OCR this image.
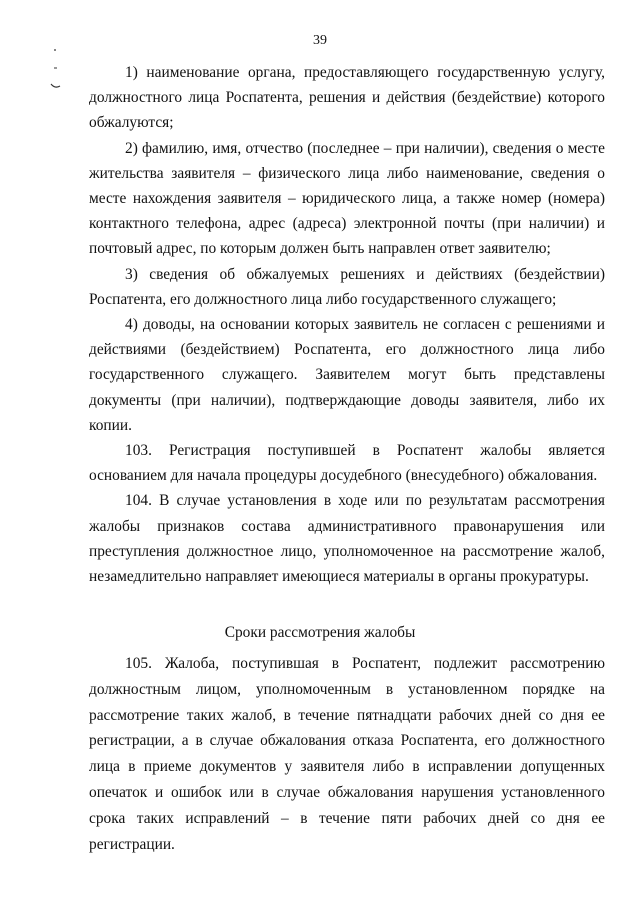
39

1) наименование органа, предоставляющего государственную услугу, должностного лица Роспатента, решения и действия (бездействие) которого обжалуются;

2) фамилию, имя, отчество (последнее – при наличии), сведения о месте жительства заявителя – физического лица либо наименование, сведения о месте нахождения заявителя – юридического лица, а также номер (номера) контактного телефона, адрес (адреса) электронной почты (при наличии) и почтовый адрес, по которым должен быть направлен ответ заявителю;

3) сведения об обжалуемых решениях и действиях (бездействии) Роспатента, его должностного лица либо государственного служащего;

4) доводы, на основании которых заявитель не согласен с решениями и действиями (бездействием) Роспатента, его должностного лица либо государственного служащего. Заявителем могут быть представлены документы (при наличии), подтверждающие доводы заявителя, либо их копии.

103. Регистрация поступившей в Роспатент жалобы является основанием для начала процедуры досудебного (внесудебного) обжалования.

104. В случае установления в ходе или по результатам рассмотрения жалобы признаков состава административного правонарушения или преступления должностное лицо, уполномоченное на рассмотрение жалоб, незамедлительно направляет имеющиеся материалы в органы прокуратуры.

Сроки рассмотрения жалобы

105. Жалоба, поступившая в Роспатент, подлежит рассмотрению должностным лицом, уполномоченным в установленном порядке на рассмотрение таких жалоб, в течение пятнадцати рабочих дней со дня ее регистрации, а в случае обжалования отказа Роспатента, его должностного лица в приеме документов у заявителя либо в исправлении допущенных опечаток и ошибок или в случае обжалования нарушения установленного срока таких исправлений – в течение пяти рабочих дней со дня ее регистрации.
